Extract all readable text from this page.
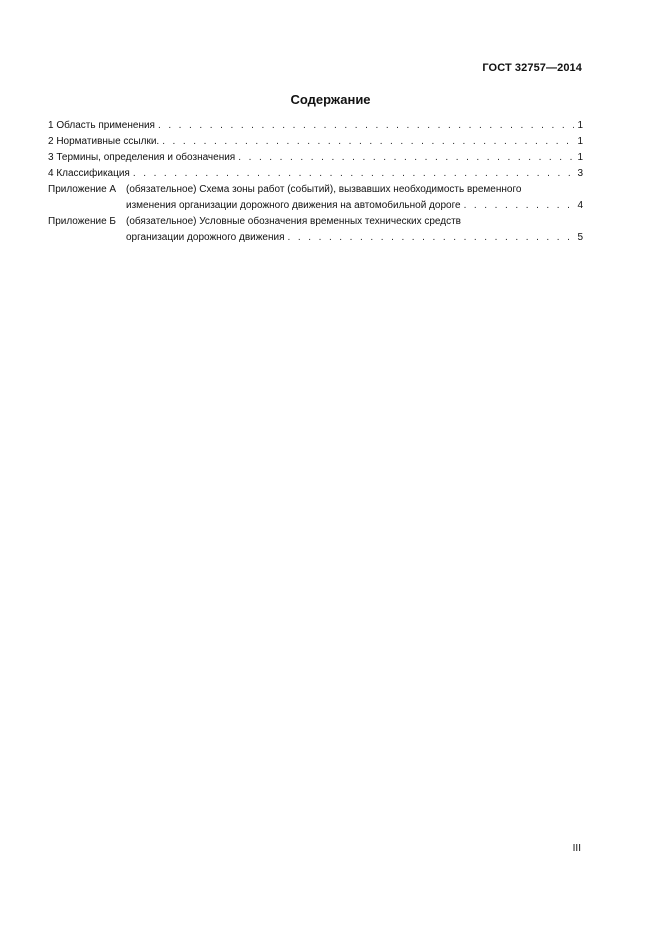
ГОСТ 32757—2014
Содержание
1 Область применения . . .	1
2 Нормативные ссылки. . . .	1
3 Термины, определения и обозначения . . .	1
4 Классификация . . .	3
Приложение А (обязательное) Схема зоны работ (событий), вызвавших необходимость временного
изменения организации дорожного движения на автомобильной дороге . . .	4
Приложение Б	(обязательное) Условные обозначения временных технических средств
организации дорожного движения . . .	5
III
